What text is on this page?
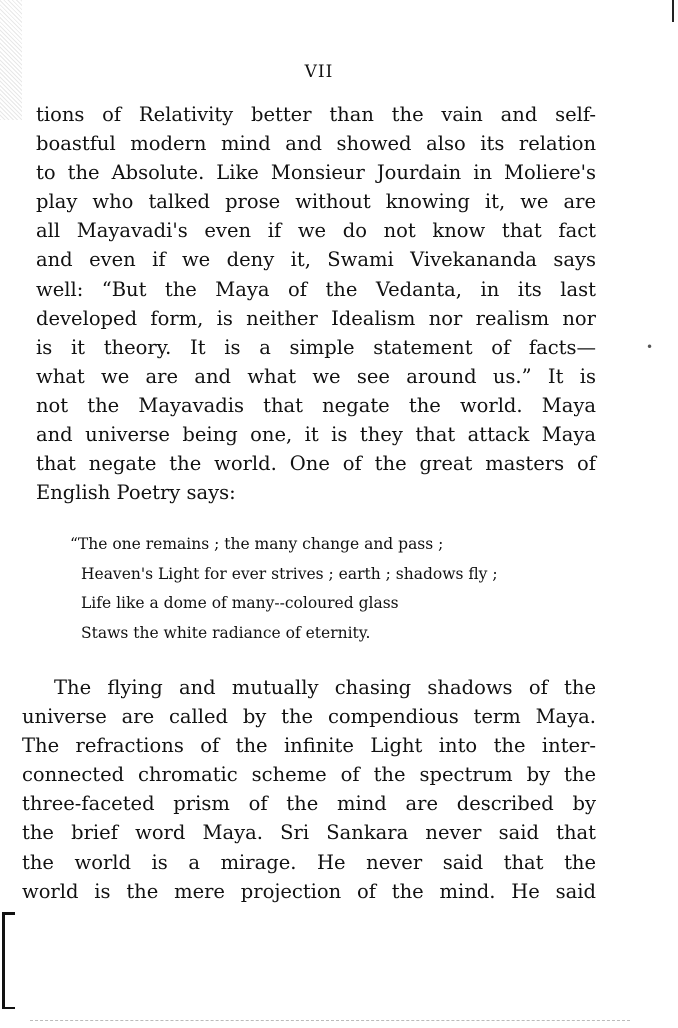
VII
tions of Relativity better than the vain and self-
boastful modern mind and showed also its relation
to the Absolute. Like Monsieur Jourdain in Moliere's
play who talked prose without knowing it, we are
all Mayavadi's even if we do not know that fact
and even if we deny it, Swami Vivekananda says
well: “But the Maya of the Vedanta, in its last
developed form, is neither Idealism nor realism nor
is it theory. It is a simple statement of facts—
what we are and what we see around us.” It is
not the Mayavadis that negate the world. Maya
and universe being one, it is they that attack Maya
that negate the world. One of the great masters of
English Poetry says:
•
“The one remains ; the many change and pass ;
Heaven's Light for ever strives ; earth ; shadows fly ;
Life like a dome of many--coloured glass
Staws the white radiance of eternity.
The flying and mutually chasing shadows of the
universe are called by the compendious term Maya.
The refractions of the infinite Light into the inter-
connected chromatic scheme of the spectrum by the
three-faceted prism of the mind are described by
the brief word Maya. Sri Sankara never said that
the world is a mirage. He never said that the
world is the mere projection of the mind. He said
